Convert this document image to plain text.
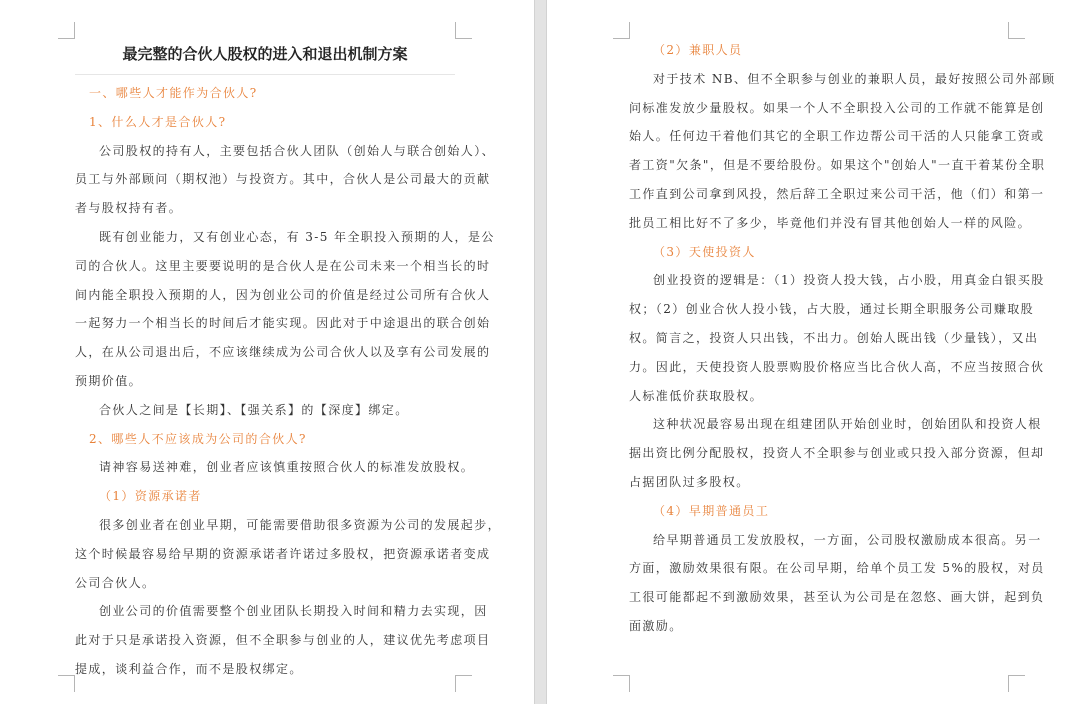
最完整的合伙人股权的进入和退出机制方案
一、哪些人才能作为合伙人?
1、什么人才是合伙人?
公司股权的持有人，主要包括合伙人团队（创始人与联合创始人）、
员工与外部顾问（期权池）与投资方。其中，合伙人是公司最大的贡献
者与股权持有者。
既有创业能力，又有创业心态，有 3-5 年全职投入预期的人，是公
司的合伙人。这里主要要说明的是合伙人是在公司未来一个相当长的时
间内能全职投入预期的人，因为创业公司的价值是经过公司所有合伙人
一起努力一个相当长的时间后才能实现。因此对于中途退出的联合创始
人，在从公司退出后，不应该继续成为公司合伙人以及享有公司发展的
预期价值。
合伙人之间是【长期】、【强关系】的【深度】绑定。
2、哪些人不应该成为公司的合伙人?
请神容易送神难，创业者应该慎重按照合伙人的标准发放股权。
（1）资源承诺者
很多创业者在创业早期，可能需要借助很多资源为公司的发展起步，
这个时候最容易给早期的资源承诺者许诺过多股权，把资源承诺者变成
公司合伙人。
创业公司的价值需要整个创业团队长期投入时间和精力去实现，因
此对于只是承诺投入资源，但不全职参与创业的人，建议优先考虑项目
提成，谈利益合作，而不是股权绑定。
（2）兼职人员
对于技术 NB、但不全职参与创业的兼职人员，最好按照公司外部顾
问标准发放少量股权。如果一个人不全职投入公司的工作就不能算是创
始人。任何边干着他们其它的全职工作边帮公司干活的人只能拿工资或
者工资"欠条"，但是不要给股份。如果这个"创始人"一直干着某份全职
工作直到公司拿到风投，然后辞工全职过来公司干活，他（们）和第一
批员工相比好不了多少，毕竟他们并没有冒其他创始人一样的风险。
（3）天使投资人
创业投资的逻辑是：（1）投资人投大钱，占小股，用真金白银买股
权；（2）创业合伙人投小钱，占大股，通过长期全职服务公司赚取股
权。简言之，投资人只出钱，不出力。创始人既出钱（少量钱），又出
力。因此，天使投资人股票购股价格应当比合伙人高，不应当按照合伙
人标准低价获取股权。
这种状况最容易出现在组建团队开始创业时，创始团队和投资人根
据出资比例分配股权，投资人不全职参与创业或只投入部分资源，但却
占据团队过多股权。
（4）早期普通员工
给早期普通员工发放股权，一方面，公司股权激励成本很高。另一
方面，激励效果很有限。在公司早期，给单个员工发 5%的股权，对员
工很可能都起不到激励效果，甚至认为公司是在忽悠、画大饼，起到负
面激励。
